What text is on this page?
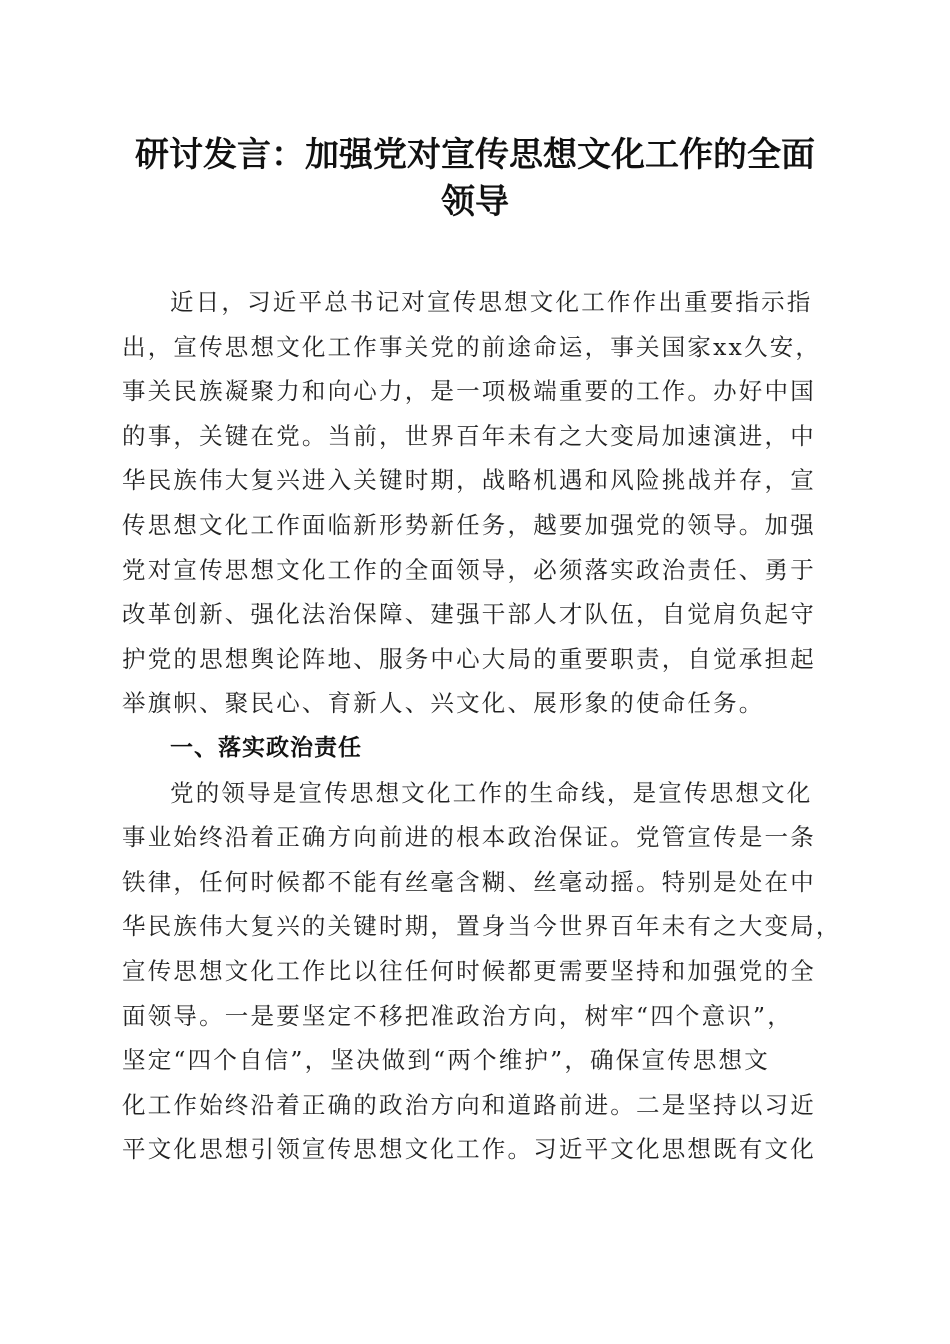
研讨发言：加强党对宣传思想文化工作的全面
领导
近日，习近平总书记对宣传思想文化工作作出重要指示指
出，宣传思想文化工作事关党的前途命运，事关国家xx久安，
事关民族凝聚力和向心力，是一项极端重要的工作。办好中国
的事，关键在党。当前，世界百年未有之大变局加速演进，中
华民族伟大复兴进入关键时期，战略机遇和风险挑战并存，宣
传思想文化工作面临新形势新任务，越要加强党的领导。加强
党对宣传思想文化工作的全面领导，必须落实政治责任、勇于
改革创新、强化法治保障、建强干部人才队伍，自觉肩负起守
护党的思想舆论阵地、服务中心大局的重要职责，自觉承担起
举旗帜、聚民心、育新人、兴文化、展形象的使命任务。
一、落实政治责任
党的领导是宣传思想文化工作的生命线，是宣传思想文化
事业始终沿着正确方向前进的根本政治保证。党管宣传是一条
铁律，任何时候都不能有丝毫含糊、丝毫动摇。特别是处在中
华民族伟大复兴的关键时期，置身当今世界百年未有之大变局，
宣传思想文化工作比以往任何时候都更需要坚持和加强党的全
面领导。一是要坚定不移把准政治方向，树牢“四个意识”，
坚定“四个自信”，坚决做到“两个维护”，确保宣传思想文
化工作始终沿着正确的政治方向和道路前进。二是坚持以习近
平文化思想引领宣传思想文化工作。习近平文化思想既有文化
